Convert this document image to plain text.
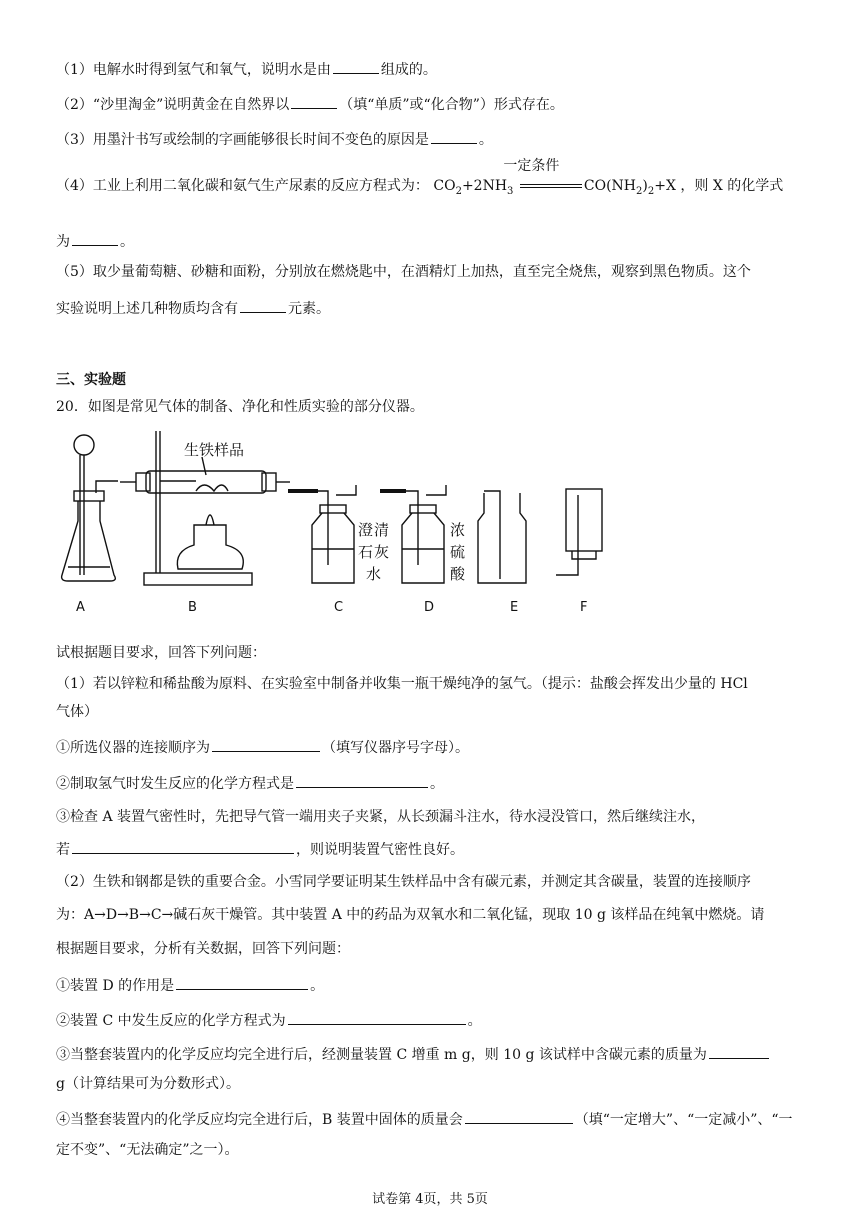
（1）电解水时得到氢气和氧气，说明水是由	组成的。
（2）“沙里淘金”说明黄金在自然界以	（填“单质”或“化合物”）形式存在。
（3）用墨汁书写或绘制的字画能够很长时间不变色的原因是	。
（4）工业上利用二氧化碳和氨气生产尿素的反应方程式为： $CO_2+2NH_3$
一定条件
$CO(NH_2)_2+X$ ，则 X 的化学式
为	。
（5）取少量葡萄糖、砂糖和面粉，分别放在燃烧匙中，在酒精灯上加热，直至完全烧焦，观察到黑色物质。这个
实验说明上述几种物质均含有	元素。
三、实验题
20．如图是常见气体的制备、净化和性质实验的部分仪器。
A
生铁样品
B
澄 清
石 灰
水
C
浓
硫
酸
D	E	F
试根据题目要求，回答下列问题：
（1）若以锌粒和稀盐酸为原料、在实验室中制备并收集一瓶干燥纯净的氢气。（提示：盐酸会挥发出少量的 HCl
气体）
①所选仪器的连接顺序为	（填写仪器序号字母）。
②制取氢气时发生反应的化学方程式是	。
③检查 A 装置气密性时，先把导气管一端用夹子夹紧，从长颈漏斗注水，待水浸没管口，然后继续注水，
若	，则说明装置气密性良好。
（2）生铁和钢都是铁的重要合金。小雪同学要证明某生铁样品中含有碳元素，并测定其含碳量，装置的连接顺序
为：A→D→B→C→碱石灰干燥管。其中装置 A 中的药品为双氧水和二氧化锰，现取 10 g 该样品在纯氧中燃烧。请
根据题目要求，分析有关数据，回答下列问题：
①装置 D 的作用是	。
②装置 C 中发生反应的化学方程式为	。
③当整套装置内的化学反应均完全进行后，经测量装置 C 增重 m g，则 10 g 该试样中含碳元素的质量为
g（计算结果可为分数形式）。
④当整套装置内的化学反应均完全进行后，B 装置中固体的质量会	（填“一定增大”、“一定减小”、“一
定不变”、“无法确定”之一）。
试卷第 4页，共 5页
